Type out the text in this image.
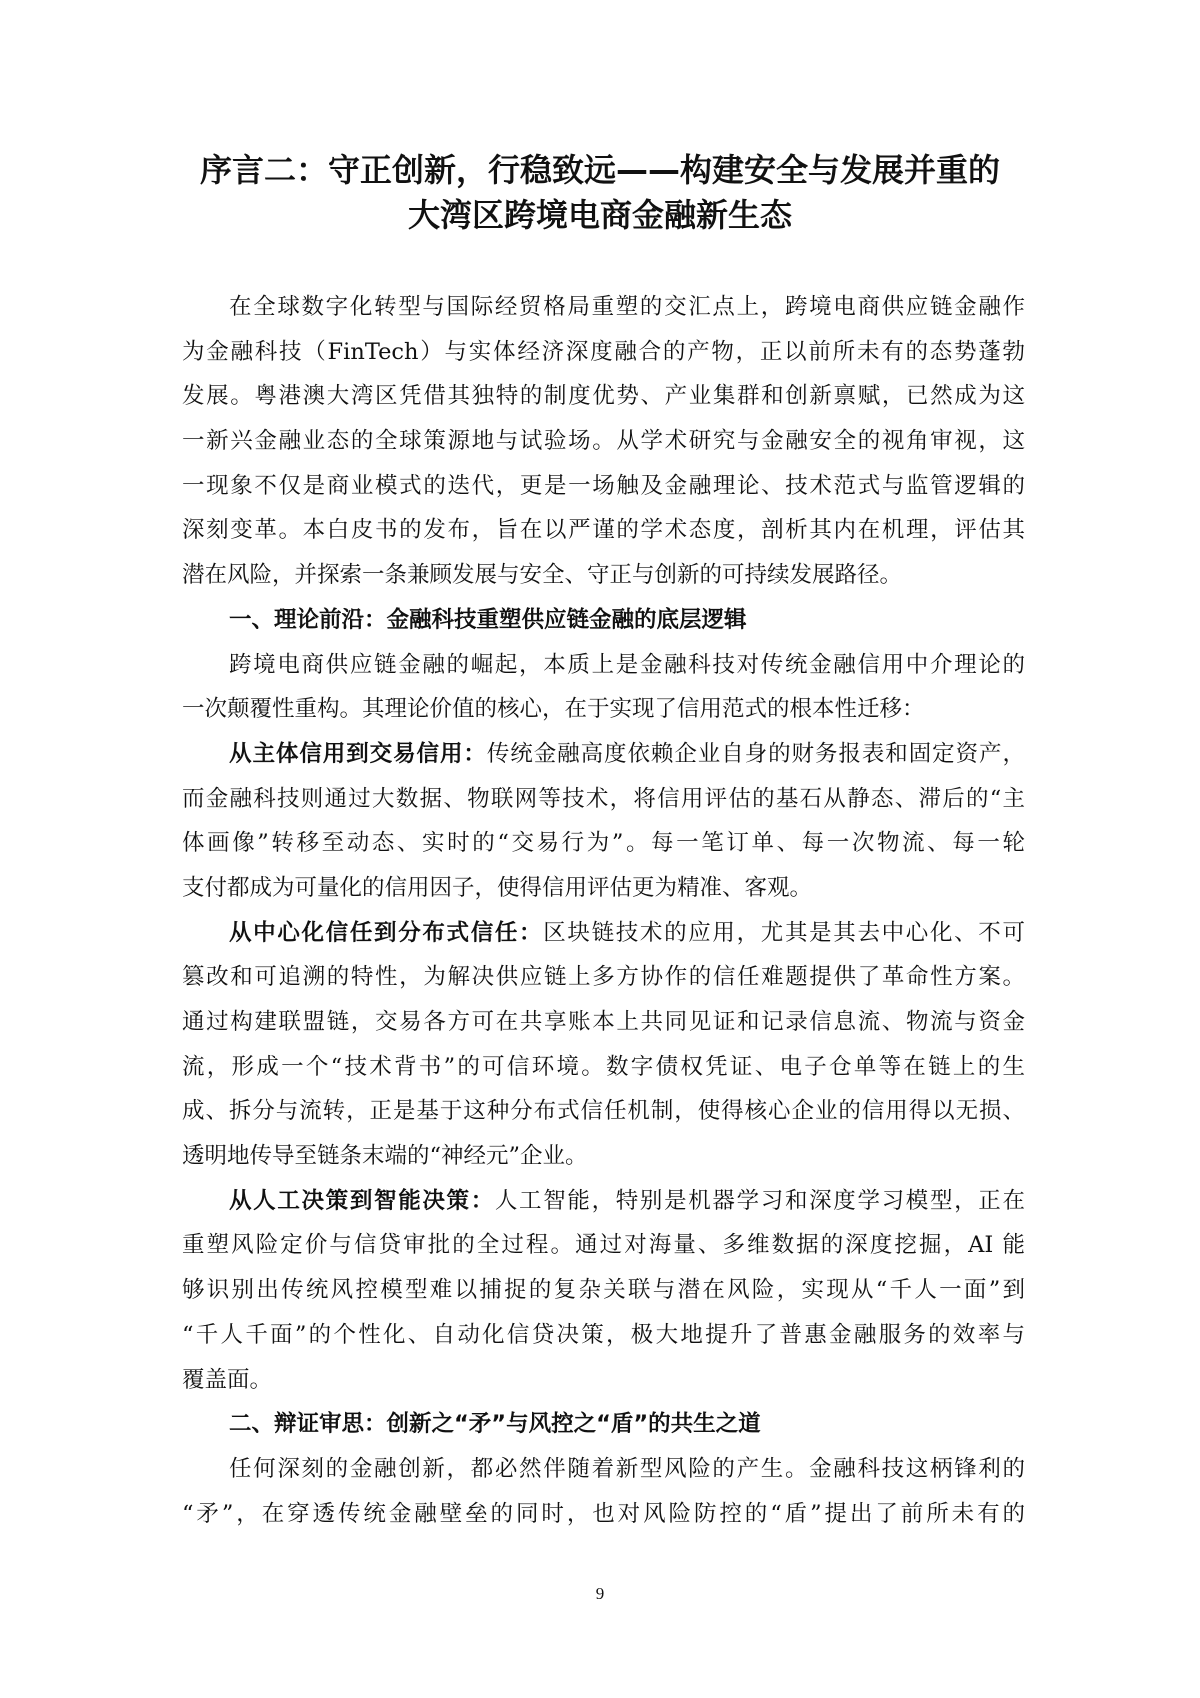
序言二：守正创新，行稳致远——构建安全与发展并重的
大湾区跨境电商金融新生态
在全球数字化转型与国际经贸格局重塑的交汇点上，跨境电商供应链金融作
为金融科技（FinTech）与实体经济深度融合的产物，正以前所未有的态势蓬勃
发展。粤港澳大湾区凭借其独特的制度优势、产业集群和创新禀赋，已然成为这
一新兴金融业态的全球策源地与试验场。从学术研究与金融安全的视角审视，这
一现象不仅是商业模式的迭代，更是一场触及金融理论、技术范式与监管逻辑的
深刻变革。本白皮书的发布，旨在以严谨的学术态度，剖析其内在机理，评估其
潜在风险，并探索一条兼顾发展与安全、守正与创新的可持续发展路径。
一、理论前沿：金融科技重塑供应链金融的底层逻辑
跨境电商供应链金融的崛起，本质上是金融科技对传统金融信用中介理论的
一次颠覆性重构。其理论价值的核心，在于实现了信用范式的根本性迁移：
从主体信用到交易信用：传统金融高度依赖企业自身的财务报表和固定资产，
而金融科技则通过大数据、物联网等技术，将信用评估的基石从静态、滞后的“主
体画像”转移至动态、实时的“交易行为”。每一笔订单、每一次物流、每一轮
支付都成为可量化的信用因子，使得信用评估更为精准、客观。
从中心化信任到分布式信任：区块链技术的应用，尤其是其去中心化、不可
篡改和可追溯的特性，为解决供应链上多方协作的信任难题提供了革命性方案。
通过构建联盟链，交易各方可在共享账本上共同见证和记录信息流、物流与资金
流，形成一个“技术背书”的可信环境。数字债权凭证、电子仓单等在链上的生
成、拆分与流转，正是基于这种分布式信任机制，使得核心企业的信用得以无损、
透明地传导至链条末端的“神经元”企业。
从人工决策到智能决策：人工智能，特别是机器学习和深度学习模型，正在
重塑风险定价与信贷审批的全过程。通过对海量、多维数据的深度挖掘，AI 能
够识别出传统风控模型难以捕捉的复杂关联与潜在风险，实现从“千人一面”到
“千人千面”的个性化、自动化信贷决策，极大地提升了普惠金融服务的效率与
覆盖面。
二、辩证审思：创新之“矛”与风控之“盾”的共生之道
任何深刻的金融创新，都必然伴随着新型风险的产生。金融科技这柄锋利的
“矛”，在穿透传统金融壁垒的同时，也对风险防控的“盾”提出了前所未有的
9
